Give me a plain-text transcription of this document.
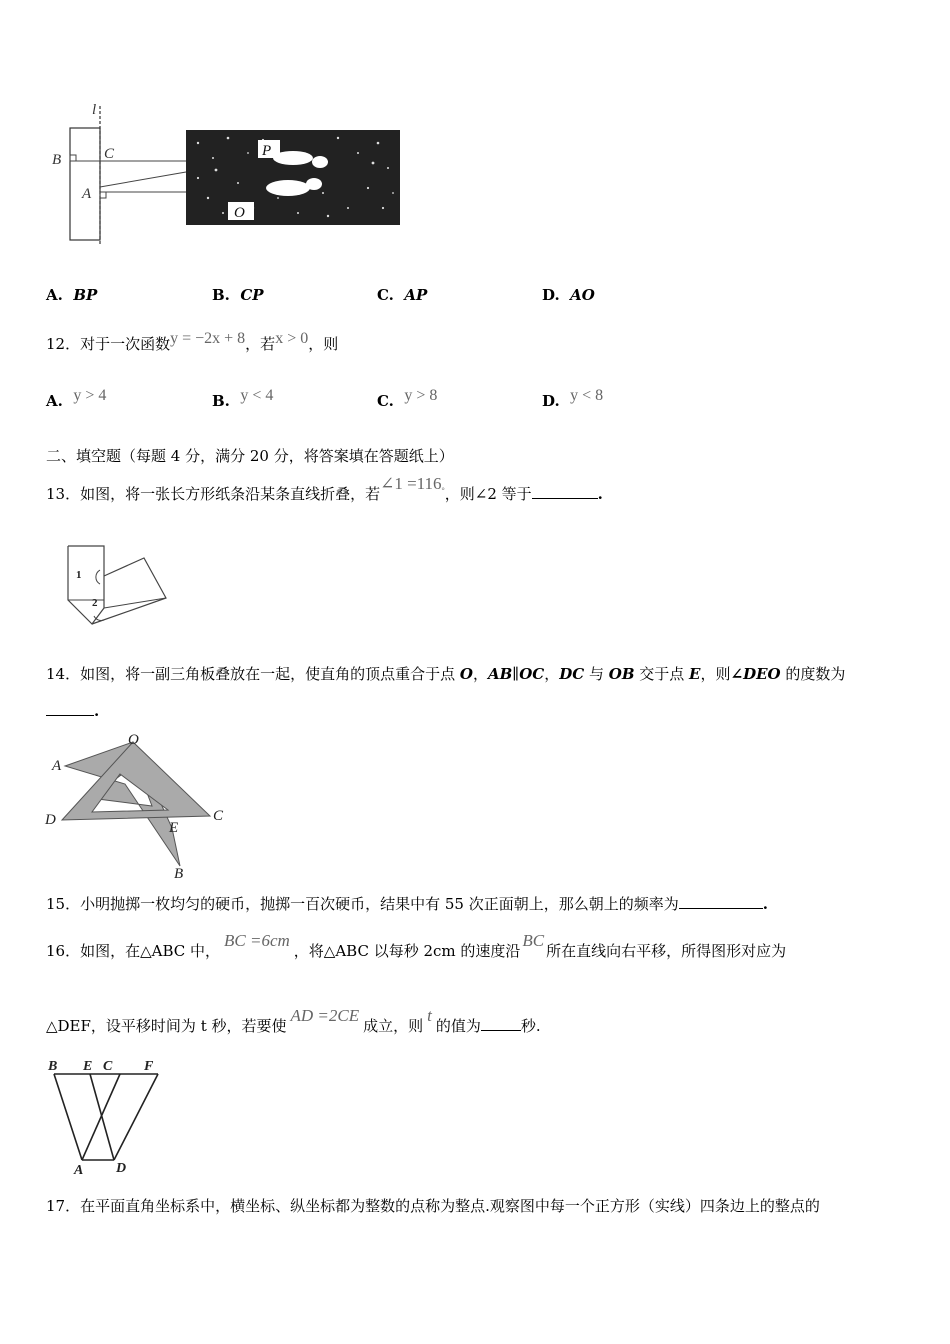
l
B	C
A
P
O
A. BP	B. CP	C. AP	D. AO
12．对于一次函数y = −2x + 8，若x > 0，则
A. y > 4	B. y < 4	C. y > 8	D. y < 8
二、填空题（每题 4 分，满分 20 分，将答案填在答题纸上）
13．如图，将一张长方形纸条沿某条直线折叠，若∠1 =116°，则∠2 等于	.
1
2
14．如图，将一副三角板叠放在一起，使直角的顶点重合于点 O，AB∥OC，DC 与 OB 交于点 E，则∠DEO 的度数为
.
O
A
D	C
E
B
15．小明抛掷一枚均匀的硬币，抛掷一百次硬币，结果中有 55 次正面朝上，那么朝上的频率为	.
16．如图，在△ABC 中，BC =6cm，将△ABC 以每秒 2cm 的速度沿BC所在直线向右平移，所得图形对应为
△DEF，设平移时间为 t 秒，若要使AD =2CE成立，则t的值为	秒.
B E C F
A D
17．在平面直角坐标系中，横坐标、纵坐标都为整数的点称为整点.观察图中每一个正方形（实线）四条边上的整点的
